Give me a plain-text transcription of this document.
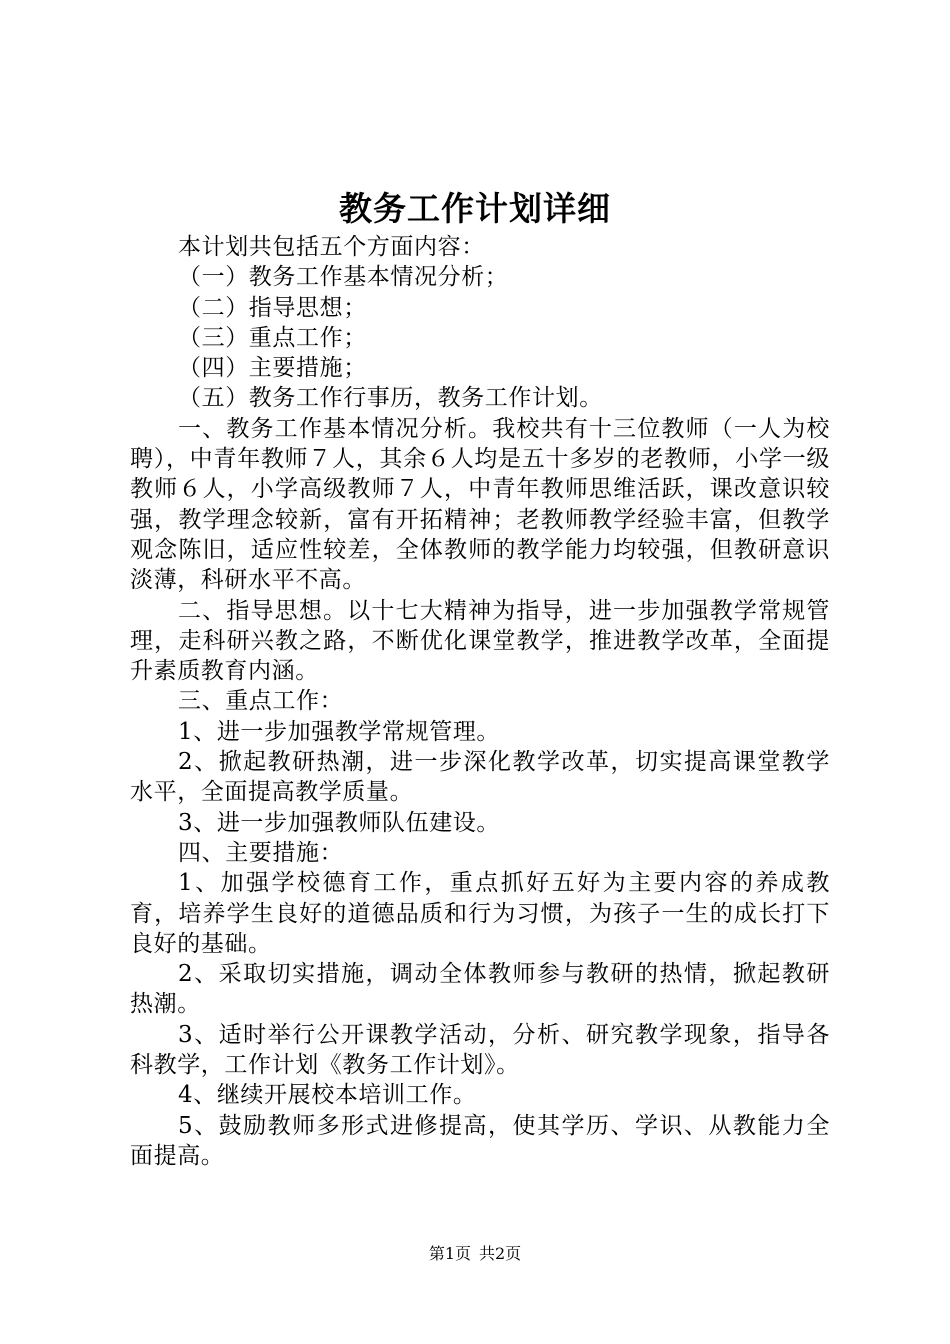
教务工作计划详细

本计划共包括五个方面内容：

（一）教务工作基本情况分析；

（二）指导思想；

（三）重点工作；

（四）主要措施；

（五）教务工作行事历，教务工作计划。

一、教务工作基本情况分析。我校共有十三位教师（一人为校聘），中青年教师７人，其余６人均是五十多岁的老教师，小学一级教师６人，小学高级教师７人，中青年教师思维活跃，课改意识较强，教学理念较新，富有开拓精神；老教师教学经验丰富，但教学观念陈旧，适应性较差，全体教师的教学能力均较强，但教研意识淡薄，科研水平不高。

二、指导思想。以十七大精神为指导，进一步加强教学常规管理，走科研兴教之路，不断优化课堂教学，推进教学改革，全面提升素质教育内涵。

三、重点工作：

1、进一步加强教学常规管理。

2、掀起教研热潮，进一步深化教学改革，切实提高课堂教学水平，全面提高教学质量。

3、进一步加强教师队伍建设。

四、主要措施：

1、加强学校德育工作，重点抓好五好为主要内容的养成教育，培养学生良好的道德品质和行为习惯，为孩子一生的成长打下良好的基础。

2、采取切实措施，调动全体教师参与教研的热情，掀起教研热潮。

3、适时举行公开课教学活动，分析、研究教学现象，指导各科教学，工作计划《教务工作计划》。

4、继续开展校本培训工作。

5、鼓励教师多形式进修提高，使其学历、学识、从教能力全面提高。

第1页 共2页
